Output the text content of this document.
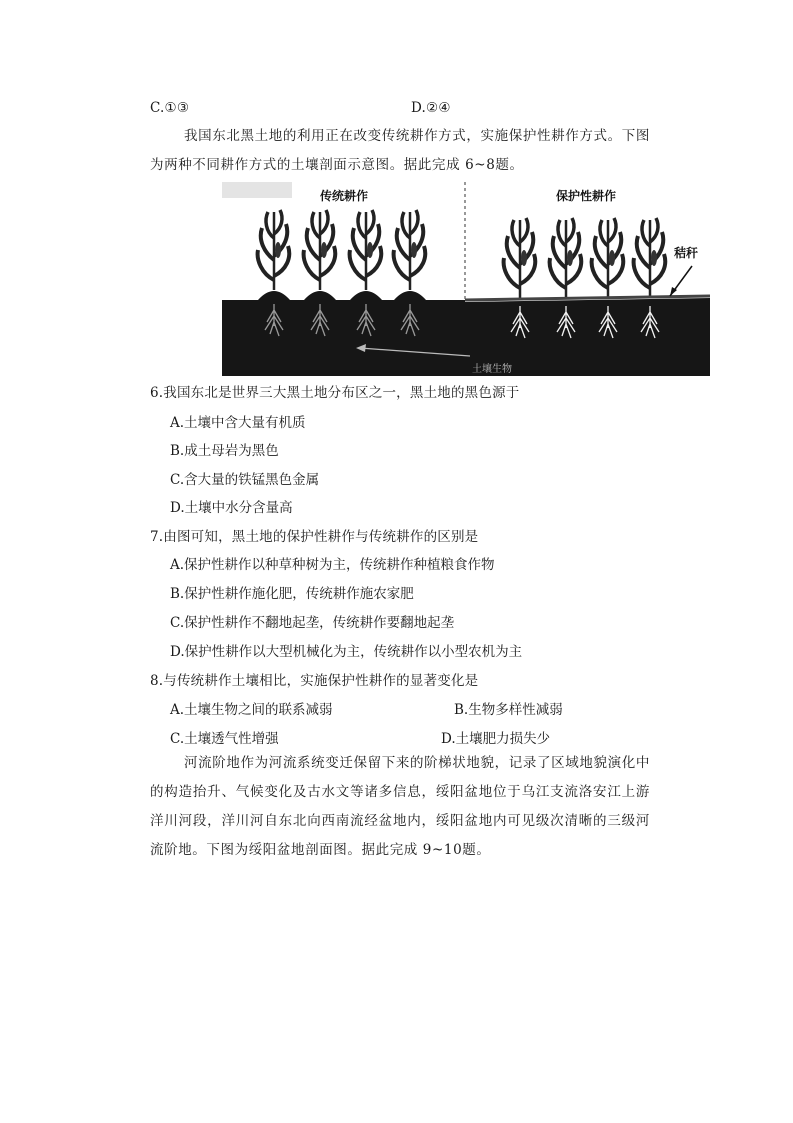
C.①③	D.②④
我国东北黑土地的利用正在改变传统耕作方式，实施保护性耕作方式。下图为两种不同耕作方式的土壤剖面示意图。据此完成 6~8题。
传统耕作	保护性耕作
秸秆
土壤生物
6.我国东北是世界三大黑土地分布区之一，黑土地的黑色源于
A.土壤中含大量有机质
B.成土母岩为黑色
C.含大量的铁锰黑色金属
D.土壤中水分含量高
7.由图可知，黑土地的保护性耕作与传统耕作的区别是
A.保护性耕作以种草种树为主，传统耕作种植粮食作物
B.保护性耕作施化肥，传统耕作施农家肥
C.保护性耕作不翻地起垄，传统耕作要翻地起垄
D.保护性耕作以大型机械化为主，传统耕作以小型农机为主
8.与传统耕作土壤相比，实施保护性耕作的显著变化是
A.土壤生物之间的联系减弱	B.生物多样性减弱
C.土壤透气性增强	D.土壤肥力损失少
河流阶地作为河流系统变迁保留下来的阶梯状地貌，记录了区域地貌演化中的构造抬升、气候变化及古水文等诸多信息，绥阳盆地位于乌江支流洛安江上游洋川河段，洋川河自东北向西南流经盆地内，绥阳盆地内可见级次清晰的三级河流阶地。下图为绥阳盆地剖面图。据此完成 9~10题。
